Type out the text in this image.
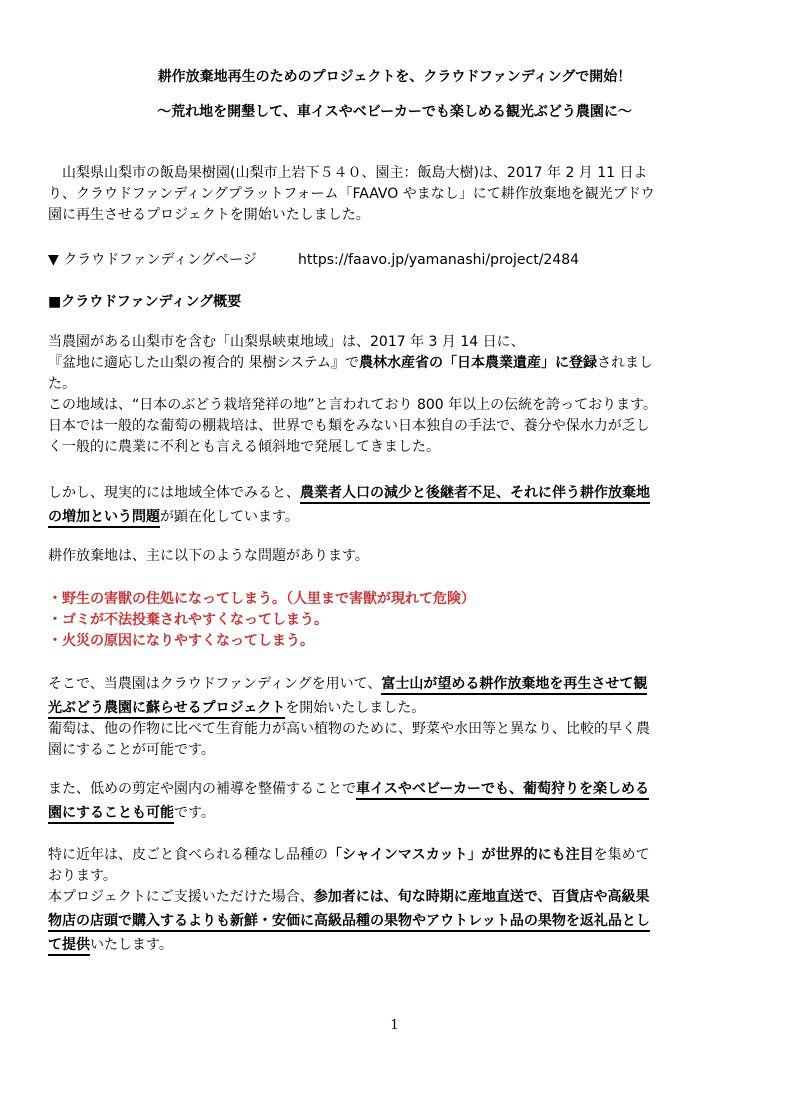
耕作放棄地再生のためのプロジェクトを、クラウドファンディングで開始！
～荒れ地を開墾して、車イスやベビーカーでも楽しめる観光ぶどう農園に～
山梨県山梨市の飯島果樹園(山梨市上岩下５４０、園主：飯島大樹)は、2017 年 2 月 11 日よ
り、クラウドファンディングプラットフォーム「FAAVO やまなし」にて耕作放棄地を観光ブドウ
園に再生させるプロジェクトを開始いたしました。
▼ クラウドファンディングページ	https://faavo.jp/yamanashi/project/2484
■クラウドファンディング概要
当農園がある山梨市を含む「山梨県峡東地域」は、2017 年 3 月 14 日に、
『盆地に適応した山梨の複合的 果樹システム』で農林水産省の「日本農業遺産」に登録されまし
た。
この地域は、“日本のぶどう栽培発祥の地”と言われており 800 年以上の伝統を誇っております。
日本では一般的な葡萄の棚栽培は、世界でも類をみない日本独自の手法で、養分や保水力が乏し
く一般的に農業に不利とも言える傾斜地で発展してきました。
しかし、現実的には地域全体でみると、農業者人口の減少と後継者不足、それに伴う耕作放棄地
の増加という問題が顕在化しています。
耕作放棄地は、主に以下のような問題があります。
・野生の害獣の住処になってしまう。（人里まで害獣が現れて危険）
・ゴミが不法投棄されやすくなってしまう。
・火災の原因になりやすくなってしまう。
そこで、当農園はクラウドファンディングを用いて、富士山が望める耕作放棄地を再生させて観
光ぶどう農園に蘇らせるプロジェクトを開始いたしました。
葡萄は、他の作物に比べて生育能力が高い植物のために、野菜や水田等と異なり、比較的早く農
園にすることが可能です。
また、低めの剪定や園内の補導を整備することで車イスやベビーカーでも、葡萄狩りを楽しめる
園にすることも可能です。
特に近年は、皮ごと食べられる種なし品種の「シャインマスカット」が世界的にも注目を集めて
おります。
本プロジェクトにご支援いただけた場合、参加者には、旬な時期に産地直送で、百貨店や高級果
物店の店頭で購入するよりも新鮮・安価に高級品種の果物やアウトレット品の果物を返礼品とし
て提供いたします。
1
